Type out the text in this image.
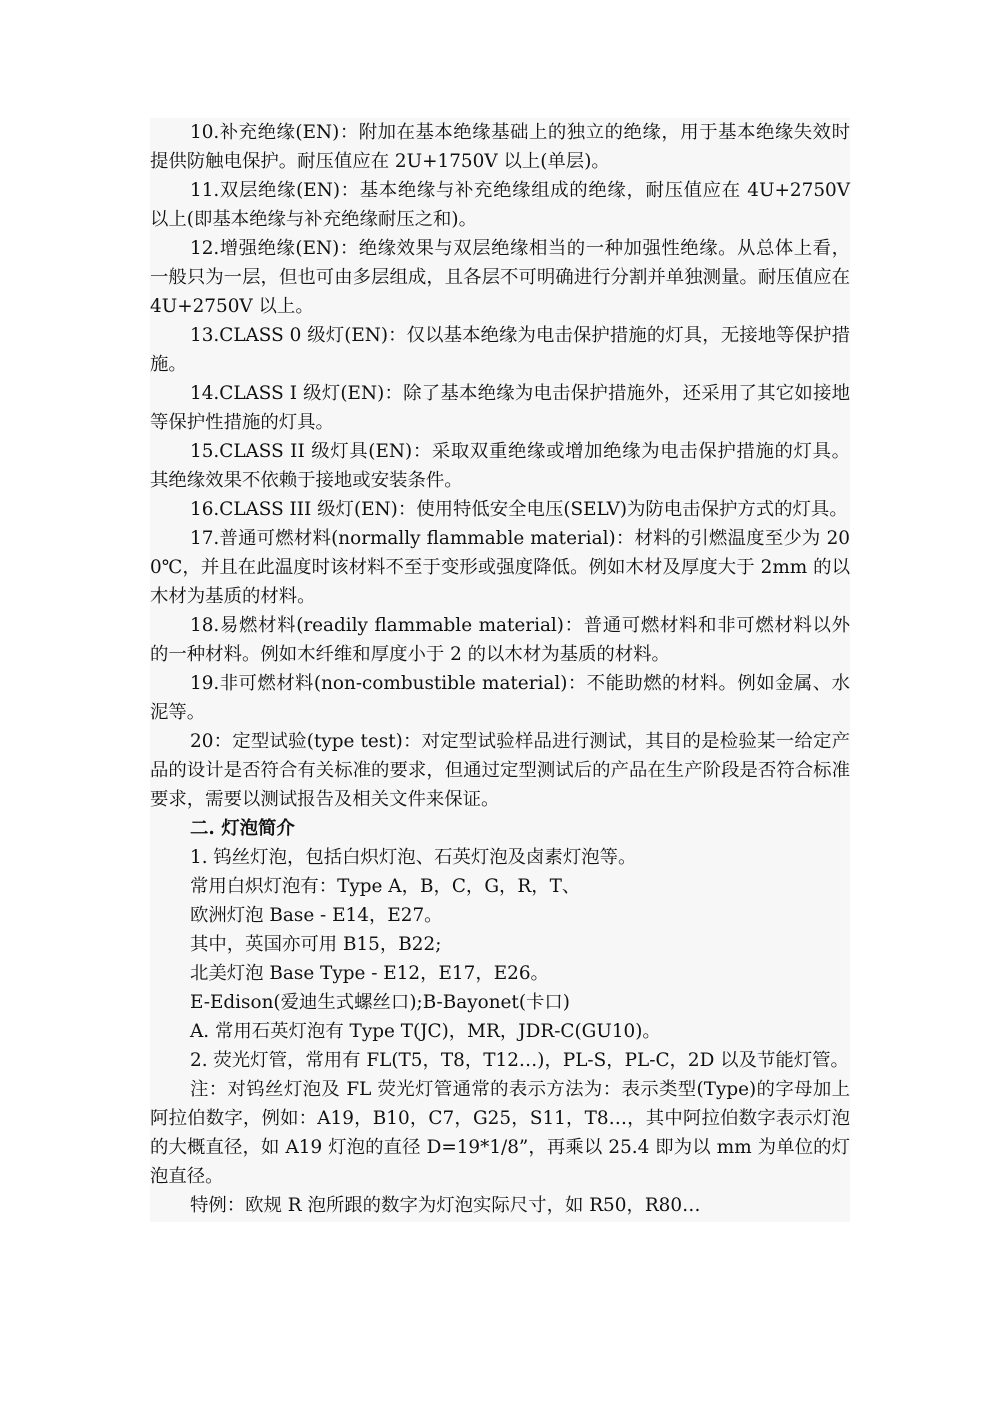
10.补充绝缘(EN)：附加在基本绝缘基础上的独立的绝缘，用于基本绝缘失效时提供防触电保护。耐压值应在 2U+1750V 以上(单层)。

11.双层绝缘(EN)：基本绝缘与补充绝缘组成的绝缘，耐压值应在 4U+2750V 以上(即基本绝缘与补充绝缘耐压之和)。

12.增强绝缘(EN)：绝缘效果与双层绝缘相当的一种加强性绝缘。从总体上看，一般只为一层，但也可由多层组成，且各层不可明确进行分割并单独测量。耐压值应在 4U+2750V 以上。

13.CLASS 0 级灯(EN)：仅以基本绝缘为电击保护措施的灯具，无接地等保护措施。

14.CLASS I 级灯(EN)：除了基本绝缘为电击保护措施外，还采用了其它如接地等保护性措施的灯具。

15.CLASS II 级灯具(EN)：采取双重绝缘或增加绝缘为电击保护措施的灯具。其绝缘效果不依赖于接地或安装条件。

16.CLASS III 级灯(EN)：使用特低安全电压(SELV)为防电击保护方式的灯具。

17.普通可燃材料(normally flammable material)：材料的引燃温度至少为 200℃，并且在此温度时该材料不至于变形或强度降低。例如木材及厚度大于 2mm 的以木材为基质的材料。

18.易燃材料(readily flammable material)：普通可燃材料和非可燃材料以外的一种材料。例如木纤维和厚度小于 2 的以木材为基质的材料。

19.非可燃材料(non-combustible material)：不能助燃的材料。例如金属、水泥等。

20：定型试验(type test)：对定型试验样品进行测试，其目的是检验某一给定产品的设计是否符合有关标准的要求，但通过定型测试后的产品在生产阶段是否符合标准要求，需要以测试报告及相关文件来保证。

二. 灯泡简介

1. 钨丝灯泡，包括白炽灯泡、石英灯泡及卤素灯泡等。

常用白炽灯泡有：Type A，B，C，G，R，T、

欧洲灯泡 Base - E14，E27。

其中，英国亦可用 B15，B22;

北美灯泡 Base Type - E12，E17，E26。

E-Edison(爱迪生式螺丝口);B-Bayonet(卡口)

A. 常用石英灯泡有 Type T(JC)，MR，JDR-C(GU10)。

2. 荧光灯管，常用有 FL(T5，T8，T12…)，PL-S，PL-C，2D 以及节能灯管。

注：对钨丝灯泡及 FL 荧光灯管通常的表示方法为：表示类型(Type)的字母加上阿拉伯数字，例如：A19，B10，C7，G25，S11，T8…，其中阿拉伯数字表示灯泡的大概直径，如 A19 灯泡的直径 D=19*1/8”，再乘以 25.4 即为以 mm 为单位的灯泡直径。

特例：欧规 R 泡所跟的数字为灯泡实际尺寸，如 R50，R80…
